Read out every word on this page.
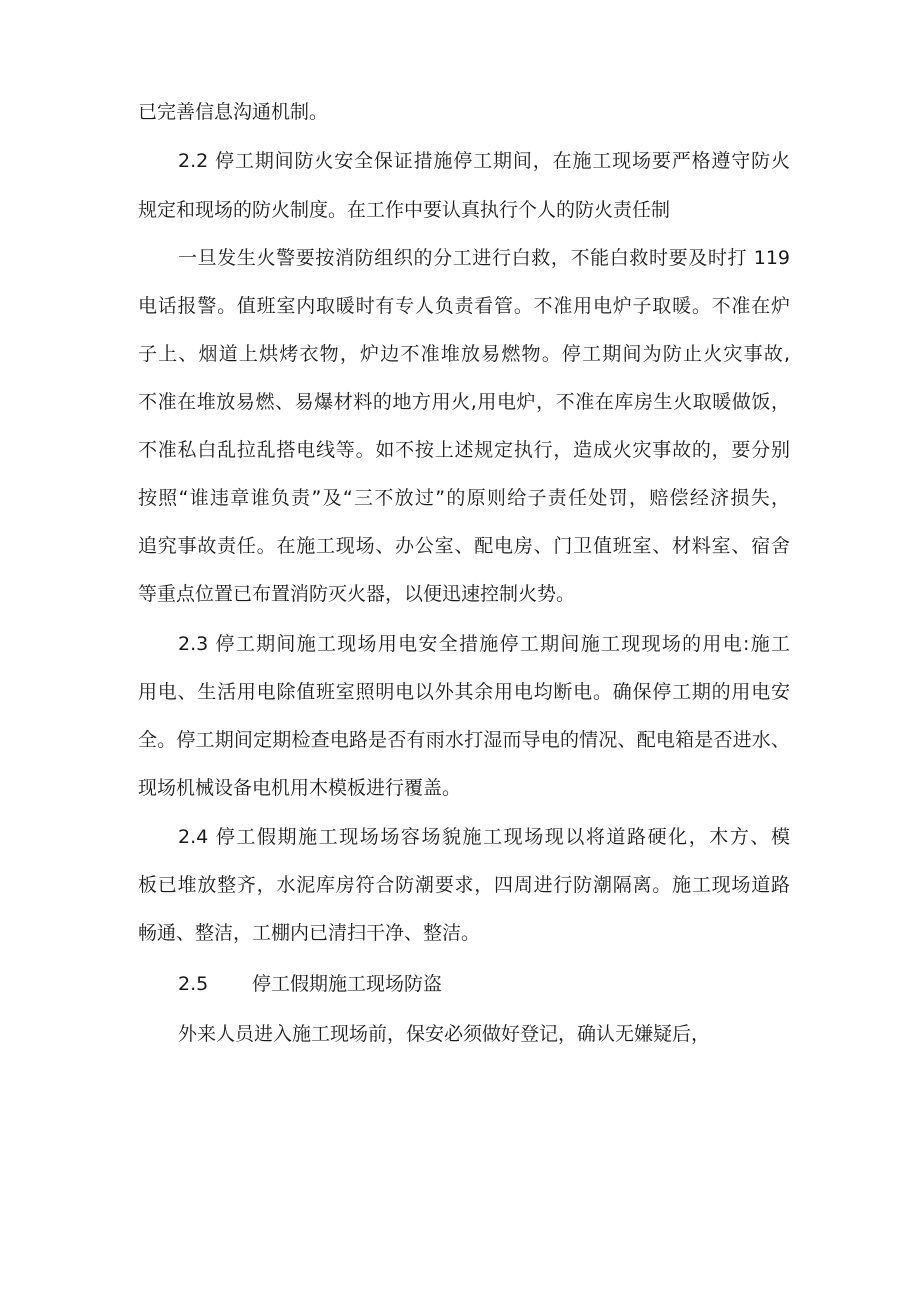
已完善信息沟通机制。
2.2 停工期间防火安全保证措施停工期间，在施工现场要严格遵守防火
规定和现场的防火制度。在工作中要认真执行个人的防火责任制
一旦发生火警要按消防组织的分工进行白救，不能白救时要及时打 119
电话报警。值班室内取暖时有专人负责看管。不准用电炉子取暖。不准在炉
子上、烟道上烘烤衣物，炉边不准堆放易燃物。停工期间为防止火灾事故,
不准在堆放易燃、易爆材料的地方用火,用电炉，不准在库房生火取暖做饭，
不准私白乱拉乱搭电线等。如不按上述规定执行，造成火灾事故的，要分别
按照“谁违章谁负责”及“三不放过”的原则给子责任处罚，赔偿经济损失，
追究事故责任。在施工现场、办公室、配电房、门卫值班室、材料室、宿舍
等重点位置已布置消防灭火器，以便迅速控制火势。
2.3 停工期间施工现场用电安全措施停工期间施工现现场的用电:施工
用电、生活用电除值班室照明电以外其余用电均断电。确保停工期的用电安
全。停工期间定期检查电路是否有雨水打湿而导电的情况、配电箱是否进水、
现场机械设备电机用木模板进行覆盖。
2.4 停工假期施工现场场容场貌施工现场现以将道路硬化，木方、模
板已堆放整齐，水泥库房符合防潮要求，四周进行防潮隔离。施工现场道路
畅通、整洁，工棚内已清扫干净、整洁。
2.5 停工假期施工现场防盗
外来人员进入施工现场前，保安必须做好登记，确认无嫌疑后，
